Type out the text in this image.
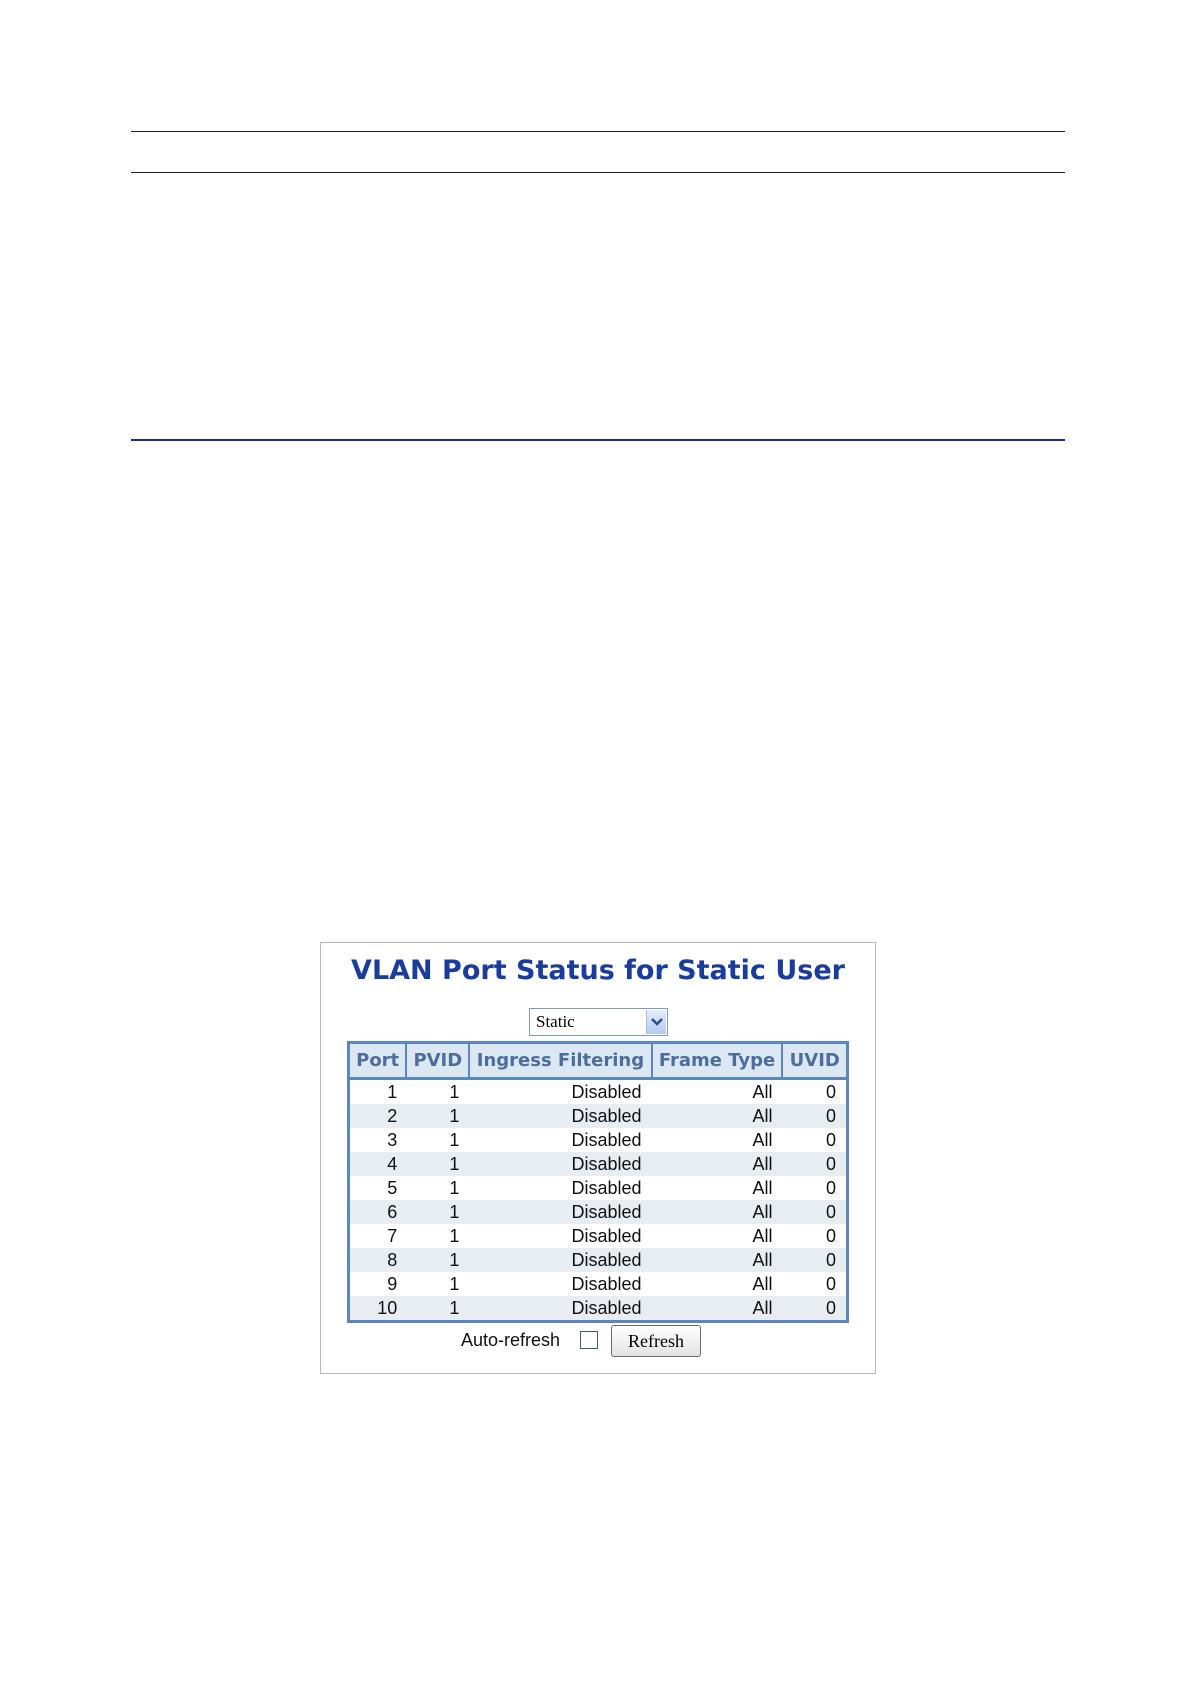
VLAN Port Status for Static User
Static
Port	PVID	Ingress Filtering	Frame Type	UVID
1	1	Disabled	All	0
2	1	Disabled	All	0
3	1	Disabled	All	0
4	1	Disabled	All	0
5	1	Disabled	All	0
6	1	Disabled	All	0
7	1	Disabled	All	0
8	1	Disabled	All	0
9	1	Disabled	All	0
10	1	Disabled	All	0
Auto-refresh	Refresh
